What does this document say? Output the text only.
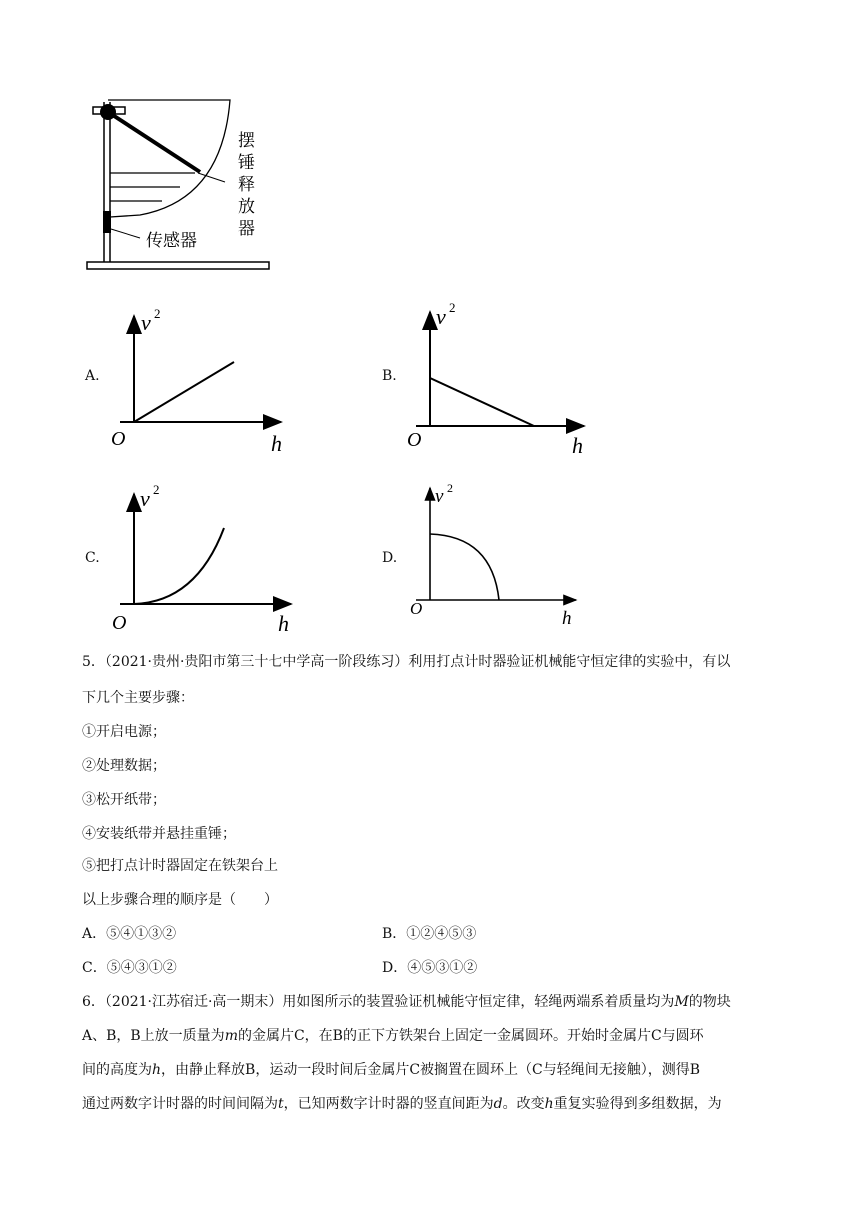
摆
锤
释
放
器
传感器
A.
v 2
h
O
B.
v 2
h
O
C.
v 2
h
O
D.
v 2
h
O
5．（2021·贵州·贵阳市第三十七中学高一阶段练习）利用打点计时器验证机械能守恒定律的实验中，有以
下几个主要步骤：
①开启电源；
②处理数据；
③松开纸带；
④安装纸带并悬挂重锤；
⑤把打点计时器固定在铁架台上
以上步骤合理的顺序是（　　）
A．⑤④①③②	B．①②④⑤③
C．⑤④③①②	D．④⑤③①②
6．（2021·江苏宿迁·高一期末）用如图所示的装置验证机械能守恒定律，轻绳两端系着质量均为M的物块
A、B，B上放一质量为m的金属片C，在B的正下方铁架台上固定一金属圆环。开始时金属片C与圆环
间的高度为h，由静止释放B，运动一段时间后金属片C被搁置在圆环上（C与轻绳间无接触），测得B
通过两数字计时器的时间间隔为t，已知两数字计时器的竖直间距为d。改变h重复实验得到多组数据，为
